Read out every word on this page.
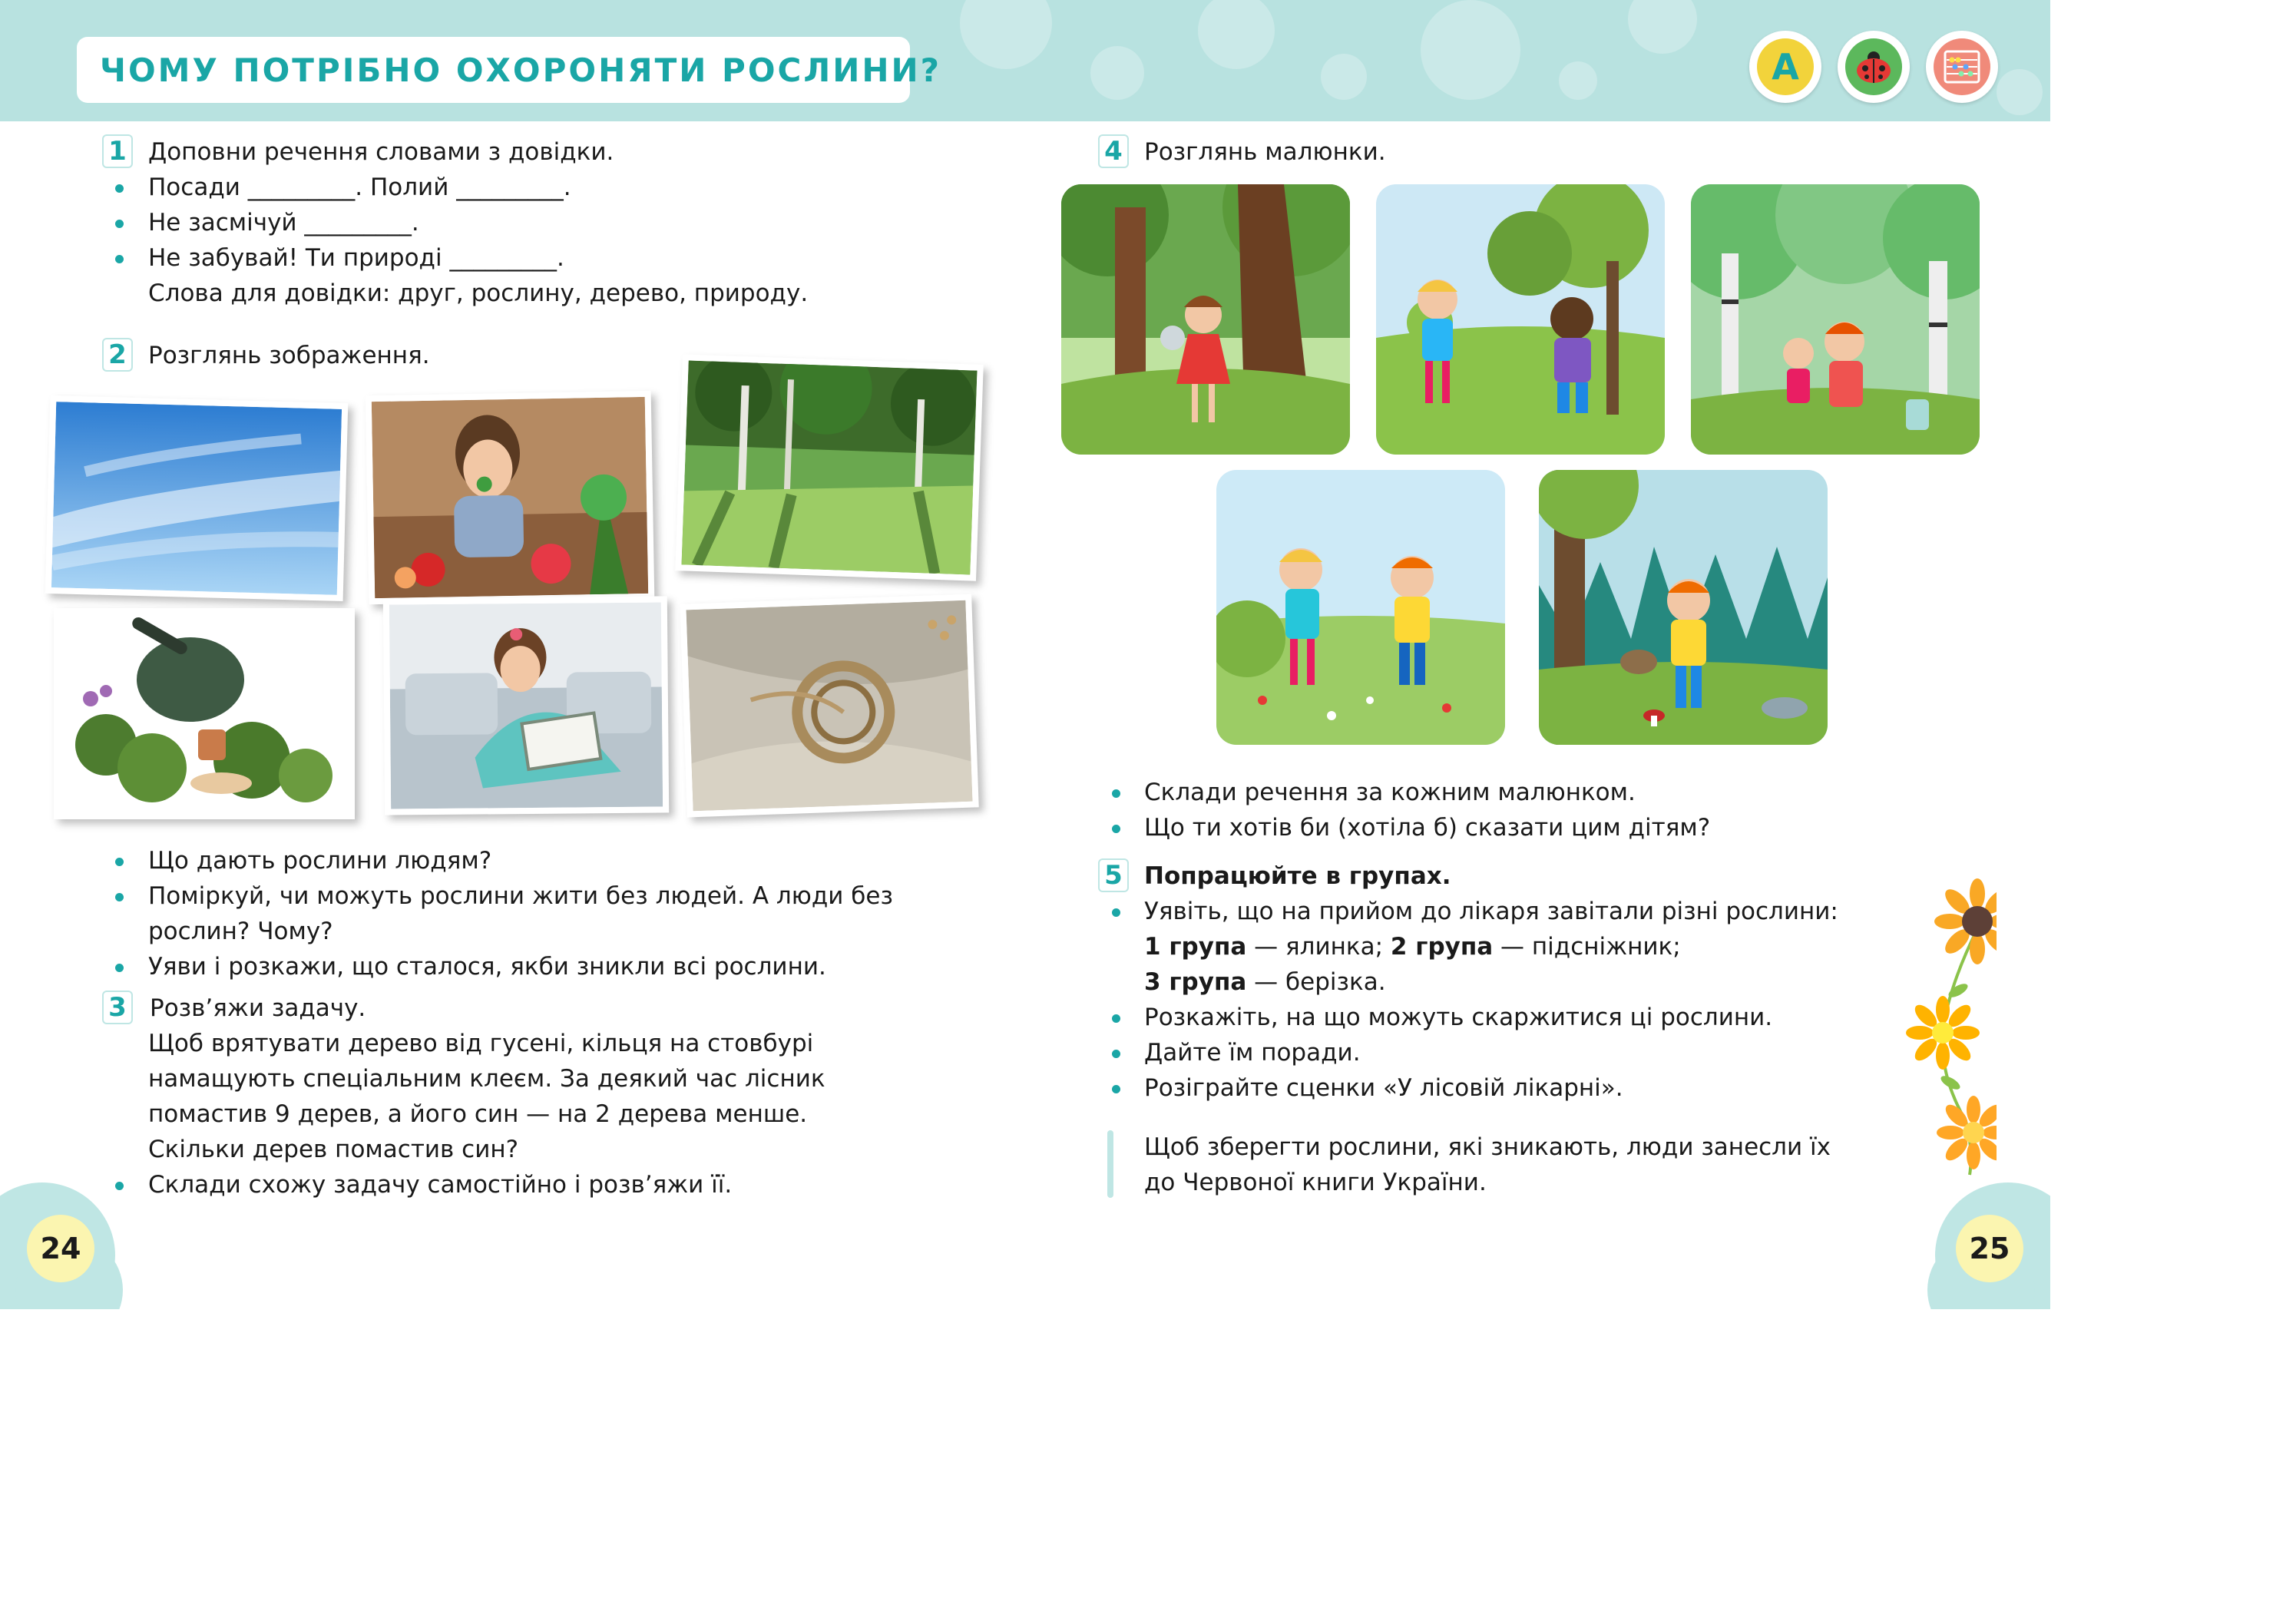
ЧОМУ ПОТРІБНО ОХОРОНЯТИ РОСЛИНИ?	А
1 Доповни речення словами з довідки.
Посади _________. Полий _________.
Не засмічуй _________.
Не забувай! Ти природі _________.
Слова для довідки: друг, рослину, дерево, природу.
2 Розглянь зображення.
Що дають рослини людям?
Поміркуй, чи можуть рослини жити без людей. А люди без
рослин? Чому?
Уяви і розкажи, що сталося, якби зникли всі рослини.
3 Розв’яжи задачу.
Щоб врятувати дерево від гусені, кільця на стовбурі
намащують спеціальним клеєм. За деякий час лісник
помастив 9 дерев, а його син — на 2 дерева менше.
Скільки дерев помастив син?
Склади схожу задачу самостійно і розв’яжи її.
24
4 Розглянь малюнки.
Склади речення за кожним малюнком.
Що ти хотів би (хотіла б) сказати цим дітям?
5 Попрацюйте в групах.
Уявіть, що на прийом до лікаря завітали різні рослини:
1 група — ялинка; 2 група — підсніжник;
3 група — берізка.
Розкажіть, на що можуть скаржитися ці рослини.
Дайте їм поради.
Розіграйте сценки «У лісовій лікарні».
Щоб зберегти рослини, які зникають, люди занесли їх
до Червоної книги України.
25
